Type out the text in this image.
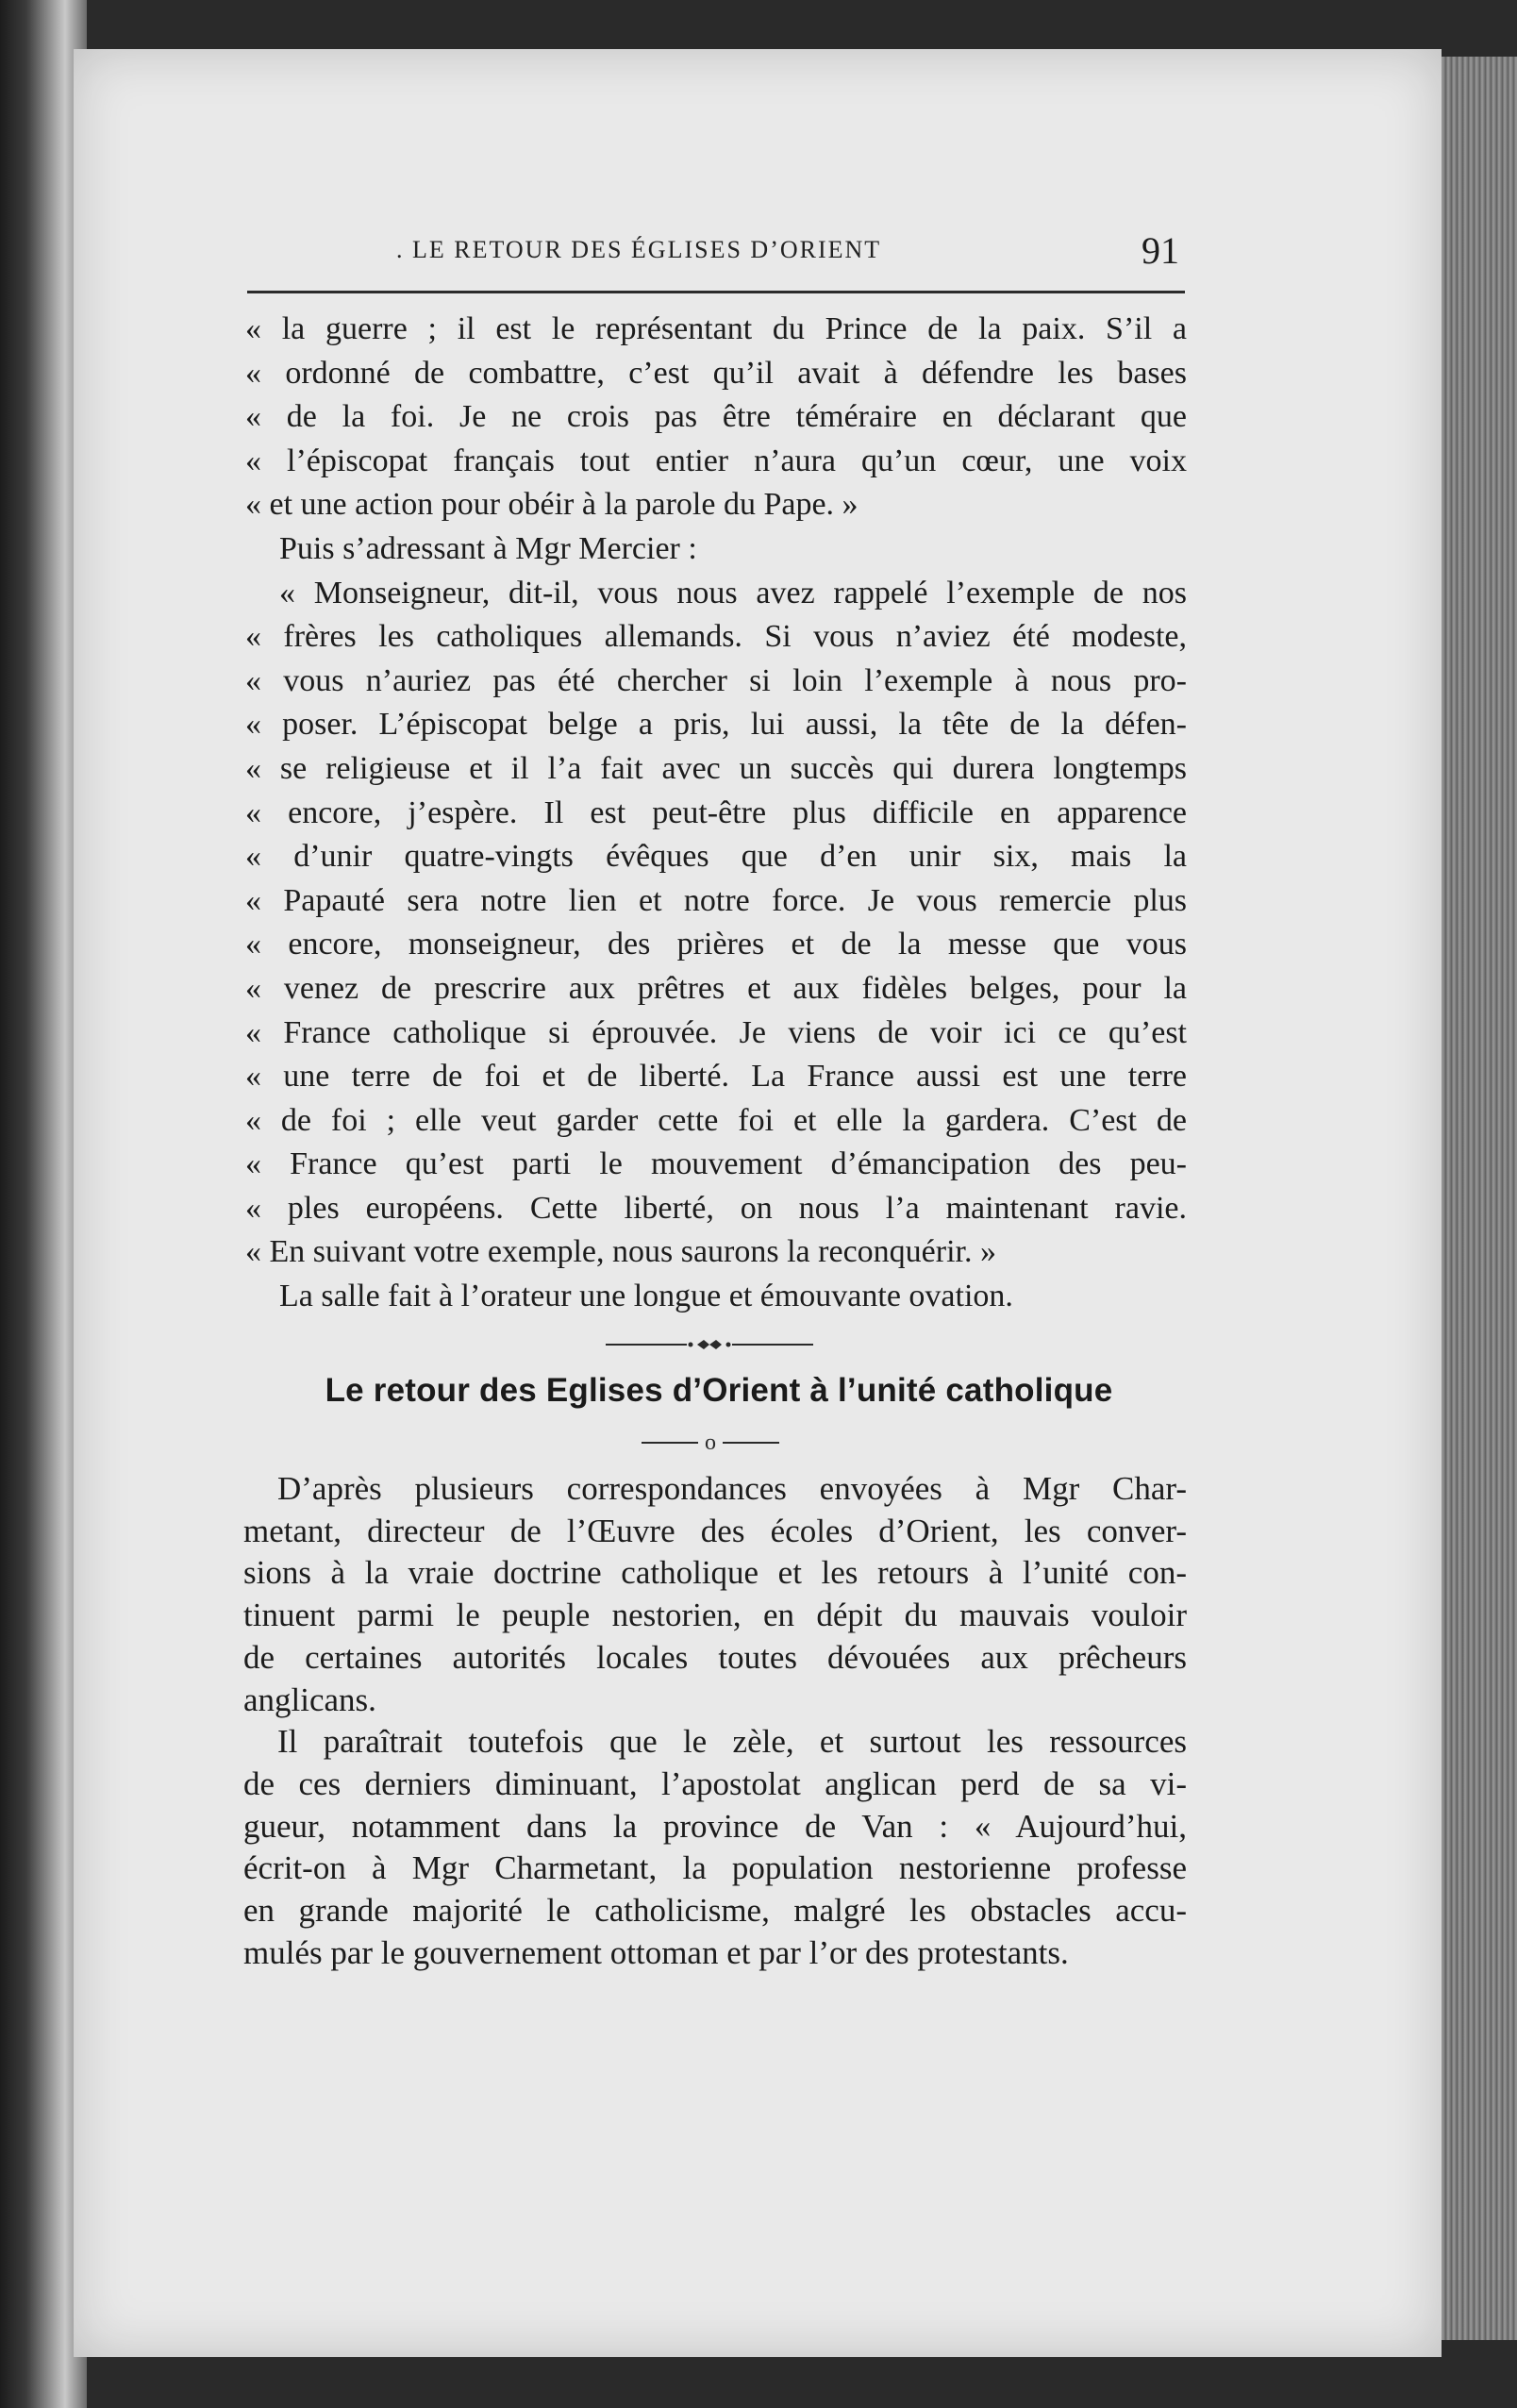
. LE RETOUR DES ÉGLISES D’ORIENT	91
« la guerre ; il est le représentant du Prince de la paix. S’il a
« ordonné de combattre, c’est qu’il avait à défendre les bases
« de la foi. Je ne crois pas être téméraire en déclarant que
« l’épiscopat français tout entier n’aura qu’un cœur, une voix
« et une action pour obéir à la parole du Pape. »
Puis s’adressant à Mgr Mercier :
« Monseigneur, dit-il, vous nous avez rappelé l’exemple de nos
« frères les catholiques allemands. Si vous n’aviez été modeste,
« vous n’auriez pas été chercher si loin l’exemple à nous pro-
« poser. L’épiscopat belge a pris, lui aussi, la tête de la défen-
« se religieuse et il l’a fait avec un succès qui durera longtemps
« encore, j’espère. Il est peut-être plus difficile en apparence
« d’unir quatre-vingts évêques que d’en unir six, mais la
« Papauté sera notre lien et notre force. Je vous remercie plus
« encore, monseigneur, des prières et de la messe que vous
« venez de prescrire aux prêtres et aux fidèles belges, pour la
« France catholique si éprouvée. Je viens de voir ici ce qu’est
« une terre de foi et de liberté. La France aussi est une terre
« de foi ; elle veut garder cette foi et elle la gardera. C’est de
« France qu’est parti le mouvement d’émancipation des peu-
« ples européens. Cette liberté, on nous l’a maintenant ravie.
« En suivant votre exemple, nous saurons la reconquérir. »
La salle fait à l’orateur une longue et émouvante ovation.
Le retour des Eglises d’Orient à l’unité catholique
o
D’après plusieurs correspondances envoyées à Mgr Char-
metant, directeur de l’Œuvre des écoles d’Orient, les conver-
sions à la vraie doctrine catholique et les retours à l’unité con-
tinuent parmi le peuple nestorien, en dépit du mauvais vouloir
de certaines autorités locales toutes dévouées aux prêcheurs
anglicans.
Il paraîtrait toutefois que le zèle, et surtout les ressources
de ces derniers diminuant, l’apostolat anglican perd de sa vi-
gueur, notamment dans la province de Van : « Aujourd’hui,
écrit-on à Mgr Charmetant, la population nestorienne professe
en grande majorité le catholicisme, malgré les obstacles accu-
mulés par le gouvernement ottoman et par l’or des protestants.
